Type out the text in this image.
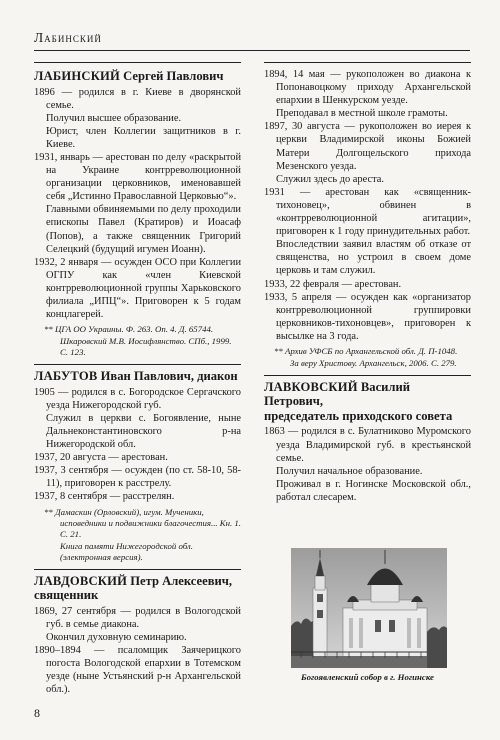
Лабинский
ЛАБИНСКИЙ Сергей Павлович
1896 — родился в г. Киеве в дворянской семье.
Получил высшее образование.
Юрист, член Коллегии защитников в г. Киеве.
1931, январь — арестован по делу «раскрытой на Украине контрреволюционной организации церковников, именовавшей себя „Истинно Православной Церковью“».
Главными обвиняемыми по делу проходили епископы Павел (Кратиров) и Иоасаф (Попов), а также священник Григорий Селецкий (будущий игумен Иоанн).
1932, 2 января — осужден ОСО при Коллегии ОГПУ как «член Киевской контрреволюционной группы Харьковского филиала „ИПЦ“». Приговорен к 5 годам концлагерей.
** ЦГА ОО Украины. Ф. 263. Оп. 4. Д. 65744.
Шкаровский М.В. Иосифлянство. СПб., 1999. С. 123.
ЛАБУТОВ Иван Павлович, диакон
1905 — родился в с. Богородское Сергачского уезда Нижегородской губ.
Служил в церкви с. Богоявление, ныне Дальнеконстантиновского р-на Нижегородской обл.
1937, 20 августа — арестован.
1937, 3 сентября — осужден (по ст. 58-10, 58-11), приговорен к расстрелу.
1937, 8 сентября — расстрелян.
** Дамаскин (Орловский), игум. Мученики, исповедники и подвижники благочестия... Кн. 1. С. 21.
Книга памяти Нижегородской обл. (электронная версия).
ЛАВДОВСКИЙ Петр Алексеевич,
священник
1869, 27 сентября — родился в Вологодской губ. в семье диакона.
Окончил духовную семинарию.
1890–1894 — псаломщик Заячерицкого погоста Вологодской епархии в Тотемском уезде (ныне Устьянский р-н Архангельской обл.).
1894, 14 мая — рукоположен во диакона к Попонавоцкому приходу Архангельской епархии в Шенкурском уезде.
Преподавал в местной школе грамоты.
1897, 30 августа — рукоположен во иерея к церкви Владимирской иконы Божией Матери Долгощельского прихода Мезенского уезда.
Служил здесь до ареста.
1931 — арестован как «священник-тихоновец», обвинен в «контрреволюционной агитации», приговорен к 1 году принудительных работ.
Впоследствии заявил властям об отказе от священства, но устроил в своем доме церковь и там служил.
1933, 22 февраля — арестован.
1933, 5 апреля — осужден как «организатор контрреволюционной группировки церковников-тихоновцев», приговорен к высылке на 3 года.
** Архив УФСБ по Архангельской обл. Д. П-1048.
За веру Христову. Архангельск, 2006. С. 279.
ЛАВКОВСКИЙ Василий Петрович,
председатель приходского совета
1863 — родился в с. Булатниково Муромского уезда Владимирской губ. в крестьянской семье.
Получил начальное образование.
Проживал в г. Ногинске Московской обл., работал слесарем.
Богоявленский собор в г. Ногинске
8
